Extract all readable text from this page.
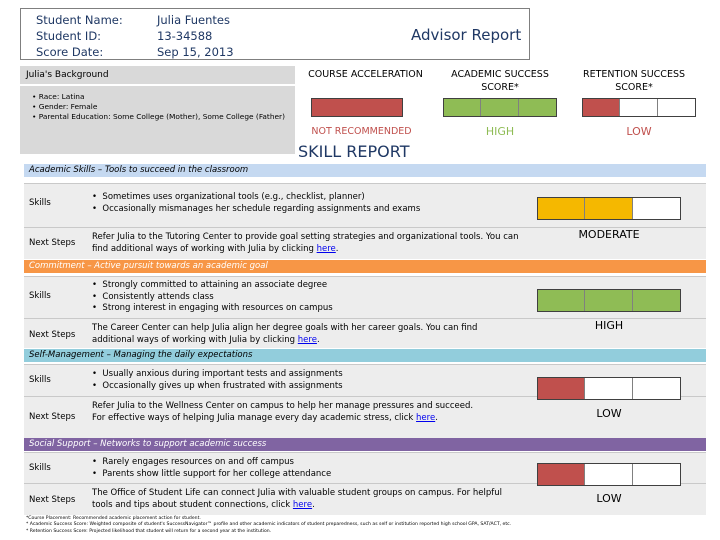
Student Name:
Student ID:
Score Date:
Julia Fuentes
13-34588
Sep 15, 2013
Advisor Report
Julia's Background
• Race: Latina
• Gender: Female
• Parental Education: Some College (Mother), Some College (Father)
COURSE ACCELERATION
NOT RECOMMENDED
ACADEMIC SUCCESS SCORE*
HIGH
RETENTION SUCCESS SCORE*
LOW
SKILL REPORT
Academic Skills – Tools to succeed in the classroom
Skills
•  Sometimes uses organizational tools (e.g., checklist, planner)
•  Occasionally mismanages her schedule regarding assignments and exams
Next Steps
Refer Julia to the Tutoring Center to provide goal setting strategies and organizational tools. You can find additional ways of working with Julia by clicking here.
MODERATE
Commitment – Active pursuit towards an academic goal
Skills
•  Strongly committed to attaining an associate degree
•  Consistently attends class
•  Strong interest in engaging with resources on campus
Next Steps
The Career Center can help Julia align her degree goals with her career goals. You can find additional ways of working with Julia by clicking here.
HIGH
Self-Management – Managing the daily expectations
Skills
•  Usually anxious during important tests and assignments
•  Occasionally gives up when frustrated with assignments
Next Steps
Refer Julia to the Wellness Center on campus to help her manage pressures and succeed. For effective ways of helping Julia manage every day academic stress, click here.	LOW
Social Support – Networks to support academic success
Skills
•  Rarely engages resources on and off campus
•  Parents show little support for her college attendance
Next Steps
The Office of Student Life can connect Julia with valuable student groups on campus. For helpful tools and tips about student connections, click here.	LOW
*Course Placement: Recommended academic placement action for student.
* Academic Success Score: Weighted composite of student's SuccessNavigator™ profile and other academic indicators of student preparedness, such as self or institution reported high school GPA, SAT/ACT, etc.
* Retention Success Score: Projected likelihood that student will return for a second year at the institution.
